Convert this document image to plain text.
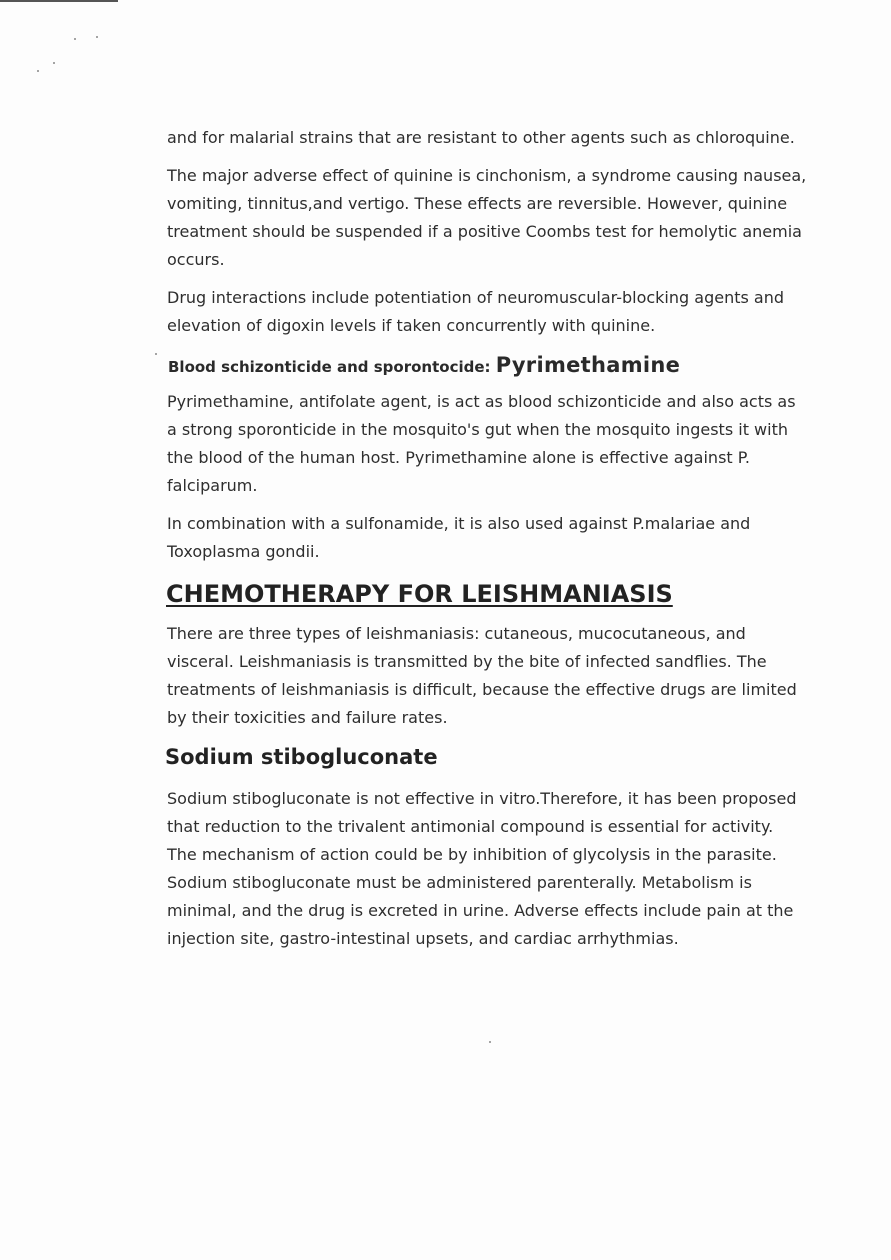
and for malarial strains that are resistant to other agents such as chloroquine.

The major adverse effect of quinine is cinchonism, a syndrome causing nausea, vomiting, tinnitus,and vertigo. These effects are reversible. However, quinine treatment should be suspended if a positive Coombs test for hemolytic anemia occurs.

Drug interactions include potentiation of neuromuscular-blocking agents and elevation of digoxin levels if taken concurrently with quinine.

Blood schizonticide and sporontocide: Pyrimethamine

Pyrimethamine, antifolate agent, is act as blood schizonticide and also acts as a strong sporonticide in the mosquito's gut when the mosquito ingests it with the blood of the human host. Pyrimethamine alone is effective against P. falciparum.

In combination with a sulfonamide, it is also used against P.malariae and Toxoplasma gondii.

CHEMOTHERAPY FOR LEISHMANIASIS

There are three types of leishmaniasis: cutaneous, mucocutaneous, and visceral. Leishmaniasis is transmitted by the bite of infected sandflies. The treatments of leishmaniasis is difficult, because the effective drugs are limited by their toxicities and failure rates.

Sodium stibogluconate

Sodium stibogluconate is not effective in vitro.Therefore, it has been proposed that reduction to the trivalent antimonial compound is essential for activity. The mechanism of action could be by inhibition of glycolysis in the parasite. Sodium stibogluconate must be administered parenterally. Metabolism is minimal, and the drug is excreted in urine. Adverse effects include pain at the injection site, gastro-intestinal upsets, and cardiac arrhythmias.
